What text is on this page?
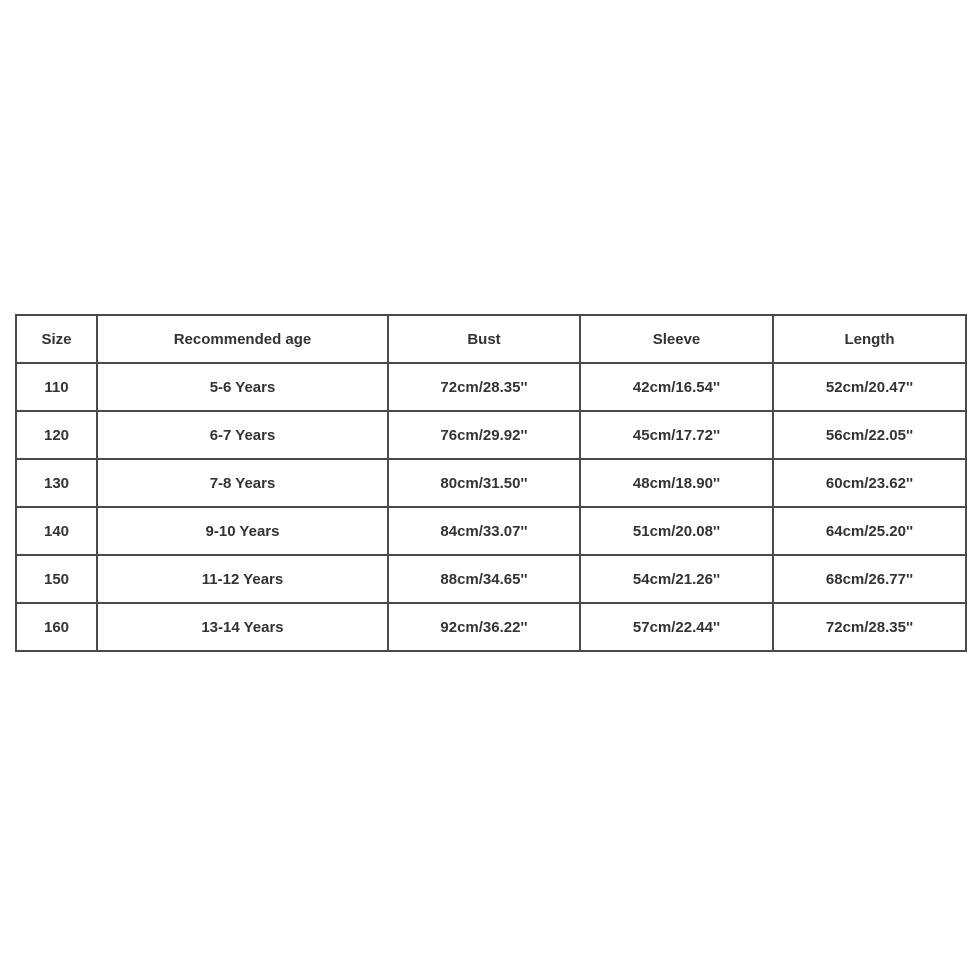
Size	Recommended age	Bust	Sleeve	Length
110	5-6 Years	72cm/28.35''	42cm/16.54''	52cm/20.47''
120	6-7 Years	76cm/29.92''	45cm/17.72''	56cm/22.05''
130	7-8 Years	80cm/31.50''	48cm/18.90''	60cm/23.62''
140	9-10 Years	84cm/33.07''	51cm/20.08''	64cm/25.20''
150	11-12 Years	88cm/34.65''	54cm/21.26''	68cm/26.77''
160	13-14 Years	92cm/36.22''	57cm/22.44''	72cm/28.35''
